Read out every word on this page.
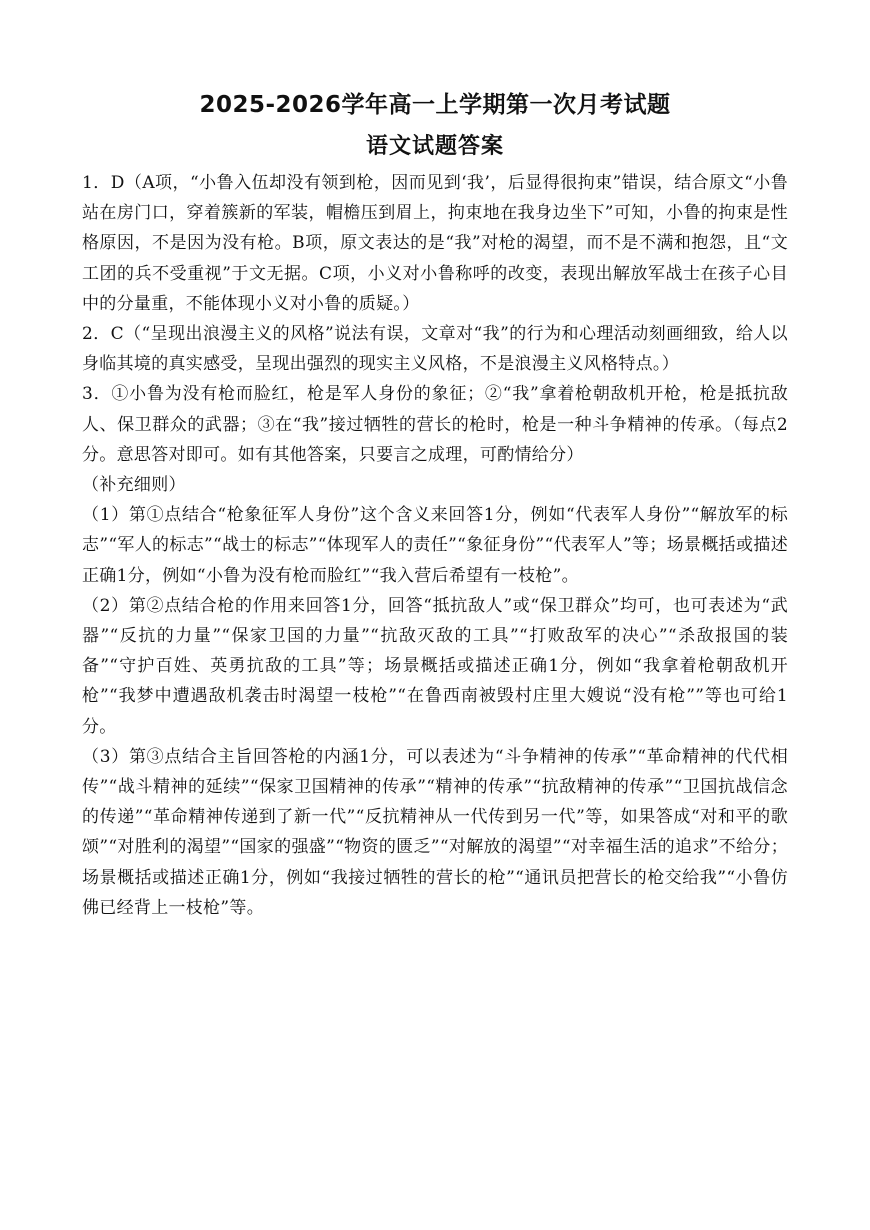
2025-2026学年高一上学期第一次月考试题
语文试题答案

1．D（A项，“小鲁入伍却没有领到枪，因而见到‘我’，后显得很拘束”错误，结合原文“小鲁站在房门口，穿着簇新的军装，帽檐压到眉上，拘束地在我身边坐下”可知，小鲁的拘束是性格原因，不是因为没有枪。B项，原文表达的是“我”对枪的渴望，而不是不满和抱怨，且“文工团的兵不受重视”于文无据。C项，小义对小鲁称呼的改变，表现出解放军战士在孩子心目中的分量重，不能体现小义对小鲁的质疑。）

2．C（“呈现出浪漫主义的风格”说法有误，文章对“我”的行为和心理活动刻画细致，给人以身临其境的真实感受，呈现出强烈的现实主义风格，不是浪漫主义风格特点。）

3．①小鲁为没有枪而脸红，枪是军人身份的象征；②“我”拿着枪朝敌机开枪，枪是抵抗敌人、保卫群众的武器；③在“我”接过牺牲的营长的枪时，枪是一种斗争精神的传承。（每点2分。意思答对即可。如有其他答案，只要言之成理，可酌情给分）

（补充细则）

（1）第①点结合“枪象征军人身份”这个含义来回答1分，例如“代表军人身份”“解放军的标志”“军人的标志”“战士的标志”“体现军人的责任”“象征身份”“代表军人”等；场景概括或描述正确1分，例如“小鲁为没有枪而脸红”“我入营后希望有一枝枪”。

（2）第②点结合枪的作用来回答1分，回答“抵抗敌人”或“保卫群众”均可，也可表述为“武器”“反抗的力量”“保家卫国的力量”“抗敌灭敌的工具”“打败敌军的决心”“杀敌报国的装备”“守护百姓、英勇抗敌的工具”等；场景概括或描述正确1分，例如“我拿着枪朝敌机开枪”“我梦中遭遇敌机袭击时渴望一枝枪”“在鲁西南被毁村庄里大嫂说“没有枪””等也可给1分。

（3）第③点结合主旨回答枪的内涵1分，可以表述为“斗争精神的传承”“革命精神的代代相传”“战斗精神的延续”“保家卫国精神的传承”“精神的传承”“抗敌精神的传承”“卫国抗战信念的传递”“革命精神传递到了新一代”“反抗精神从一代传到另一代”等，如果答成“对和平的歌颂”“对胜利的渴望”“国家的强盛”“物资的匮乏”“对解放的渴望”“对幸福生活的追求”不给分；场景概括或描述正确1分，例如“我接过牺牲的营长的枪”“通讯员把营长的枪交给我”“小鲁仿佛已经背上一枝枪”等。
